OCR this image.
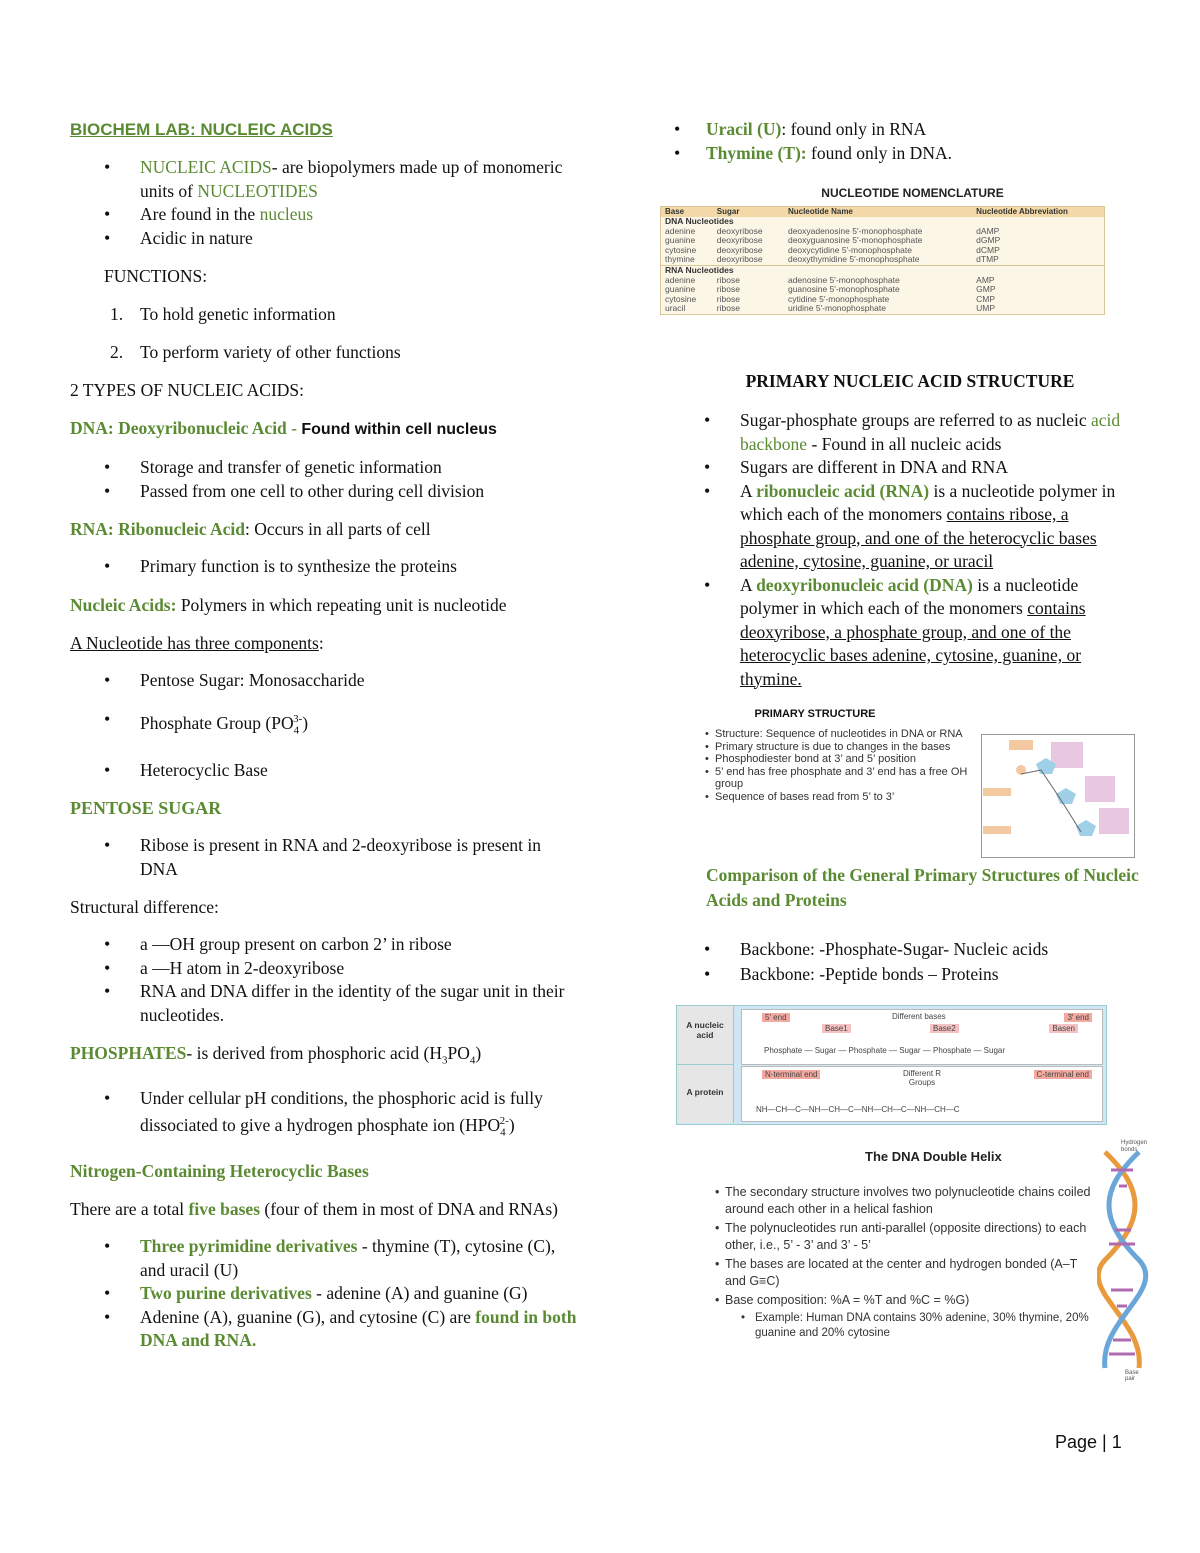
BIOCHEM LAB: NUCLEIC ACIDS

• NUCLEIC ACIDS- are biopolymers made up of monomeric units of NUCLEOTIDES
• Are found in the nucleus
• Acidic in nature

FUNCTIONS:

1. To hold genetic information
2. To perform variety of other functions

2 TYPES OF NUCLEIC ACIDS:

DNA: Deoxyribonucleic Acid - Found within cell nucleus

• Storage and transfer of genetic information
• Passed from one cell to other during cell division

RNA: Ribonucleic Acid: Occurs in all parts of cell

• Primary function is to synthesize the proteins

Nucleic Acids: Polymers in which repeating unit is nucleotide

A Nucleotide has three components:

• Pentose Sugar: Monosaccharide
• Phosphate Group $(PO_4^{3-})$
• Heterocyclic Base

PENTOSE SUGAR

• Ribose is present in RNA and 2-deoxyribose is present in DNA

Structural difference:

• a —OH group present on carbon 2’ in ribose
• a —H atom in 2-deoxyribose
• RNA and DNA differ in the identity of the sugar unit in their nucleotides.

PHOSPHATES- is derived from phosphoric acid $(H_3PO_4)$

• Under cellular pH conditions, the phosphoric acid is fully dissociated to give a hydrogen phosphate ion $(HPO_4^{2-})$

Nitrogen-Containing Heterocyclic Bases

There are a total five bases (four of them in most of DNA and RNAs)

• Three pyrimidine derivatives - thymine (T), cytosine (C), and uracil (U)
• Two purine derivatives - adenine (A) and guanine (G)
• Adenine (A), guanine (G), and cytosine (C) are found in both DNA and RNA.
• Uracil (U): found only in RNA
• Thymine (T): found only in DNA.
NUCLEOTIDE NOMENCLATURE
Base	Sugar	Nucleotide Name	Nucleotide Abbreviation
DNA Nucleotides			
adenine	deoxyribose	deoxyadenosine 5′-monophosphate	dAMP
guanine	deoxyribose	deoxyguanosine 5′-monophosphate	dGMP
cytosine	deoxyribose	deoxycytidine 5′-monophosphate	dCMP
thymine	deoxyribose	deoxythymidine 5′-monophosphate	dTMP
RNA Nucleotides			
adenine	ribose	adenosine 5′-monophosphate	AMP
guanine	ribose	guanosine 5′-monophosphate	GMP
cytosine	ribose	cytidine 5′-monophosphate	CMP
uracil	ribose	uridine 5′-monophosphate	UMP

PRIMARY NUCLEIC ACID STRUCTURE

• Sugar-phosphate groups are referred to as nucleic acid backbone - Found in all nucleic acids
• Sugars are different in DNA and RNA
• A ribonucleic acid (RNA) is a nucleotide polymer in which each of the monomers contains ribose, a phosphate group, and one of the heterocyclic bases adenine, cytosine, guanine, or uracil
• A deoxyribonucleic acid (DNA) is a nucleotide polymer in which each of the monomers contains deoxyribose, a phosphate group, and one of the heterocyclic bases adenine, cytosine, guanine, or thymine.
PRIMARY STRUCTURE
• Structure: Sequence of nucleotides in DNA or RNA
• Primary structure is due to changes in the bases
• Phosphodiester bond at 3’ and 5’ position
• 5’ end has free phosphate and 3’ end has a free OH group
• Sequence of bases read from 5’ to 3’

Comparison of the General Primary Structures of Nucleic Acids and Proteins

• Backbone: -Phosphate-Sugar- Nucleic acids
• Backbone: -Peptide bonds – Proteins
A nucleic acid
A protein
5′ end	Different bases	3′ end
Base1	Base2	Basen
Phosphate — Sugar — Phosphate — Sugar — Phosphate — Sugar
N-terminal end	Different R Groups
C-terminal end
NH—CH—C—NH—CH—C—NH—CH—C—NH—CH—C
The DNA Double Helix
• The secondary structure involves two polynucleotide chains coiled around each other in a helical fashion
• The polynucleotides run anti-parallel (opposite directions) to each other, i.e., 5’ - 3’ and 3’ - 5’
• The bases are located at the center and hydrogen bonded (A–T and G≡C)
• Base composition: %A = %T and %C = %G)
• Example: Human DNA contains 30% adenine, 30% thymine, 20% guanine and 20% cytosine
Hydrogen bonds
Base pair
Page | 1
